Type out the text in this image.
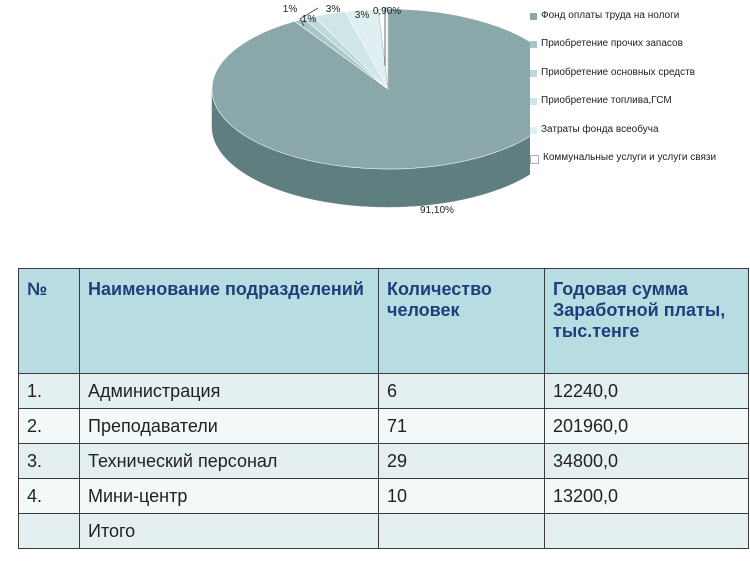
91,10%
1%
1%
3%
3% 0,90%	Фонд оплаты труда на нологи
Приобретение прочих запасов
Приобретение основных средств
Приобретение топлива,ГСМ
Затраты фонда всеобуча
Коммунальные услуги и услуги связи
№	Наименование подразделений	Количество человек	Годовая сумма Заработной платы, тыс.тенге
1.	Администрация	6	12240,0
2.	Преподаватели	71	201960,0
3.	Технический персонал	29	34800,0
4.	Мини-центр	10	13200,0
	Итого		
